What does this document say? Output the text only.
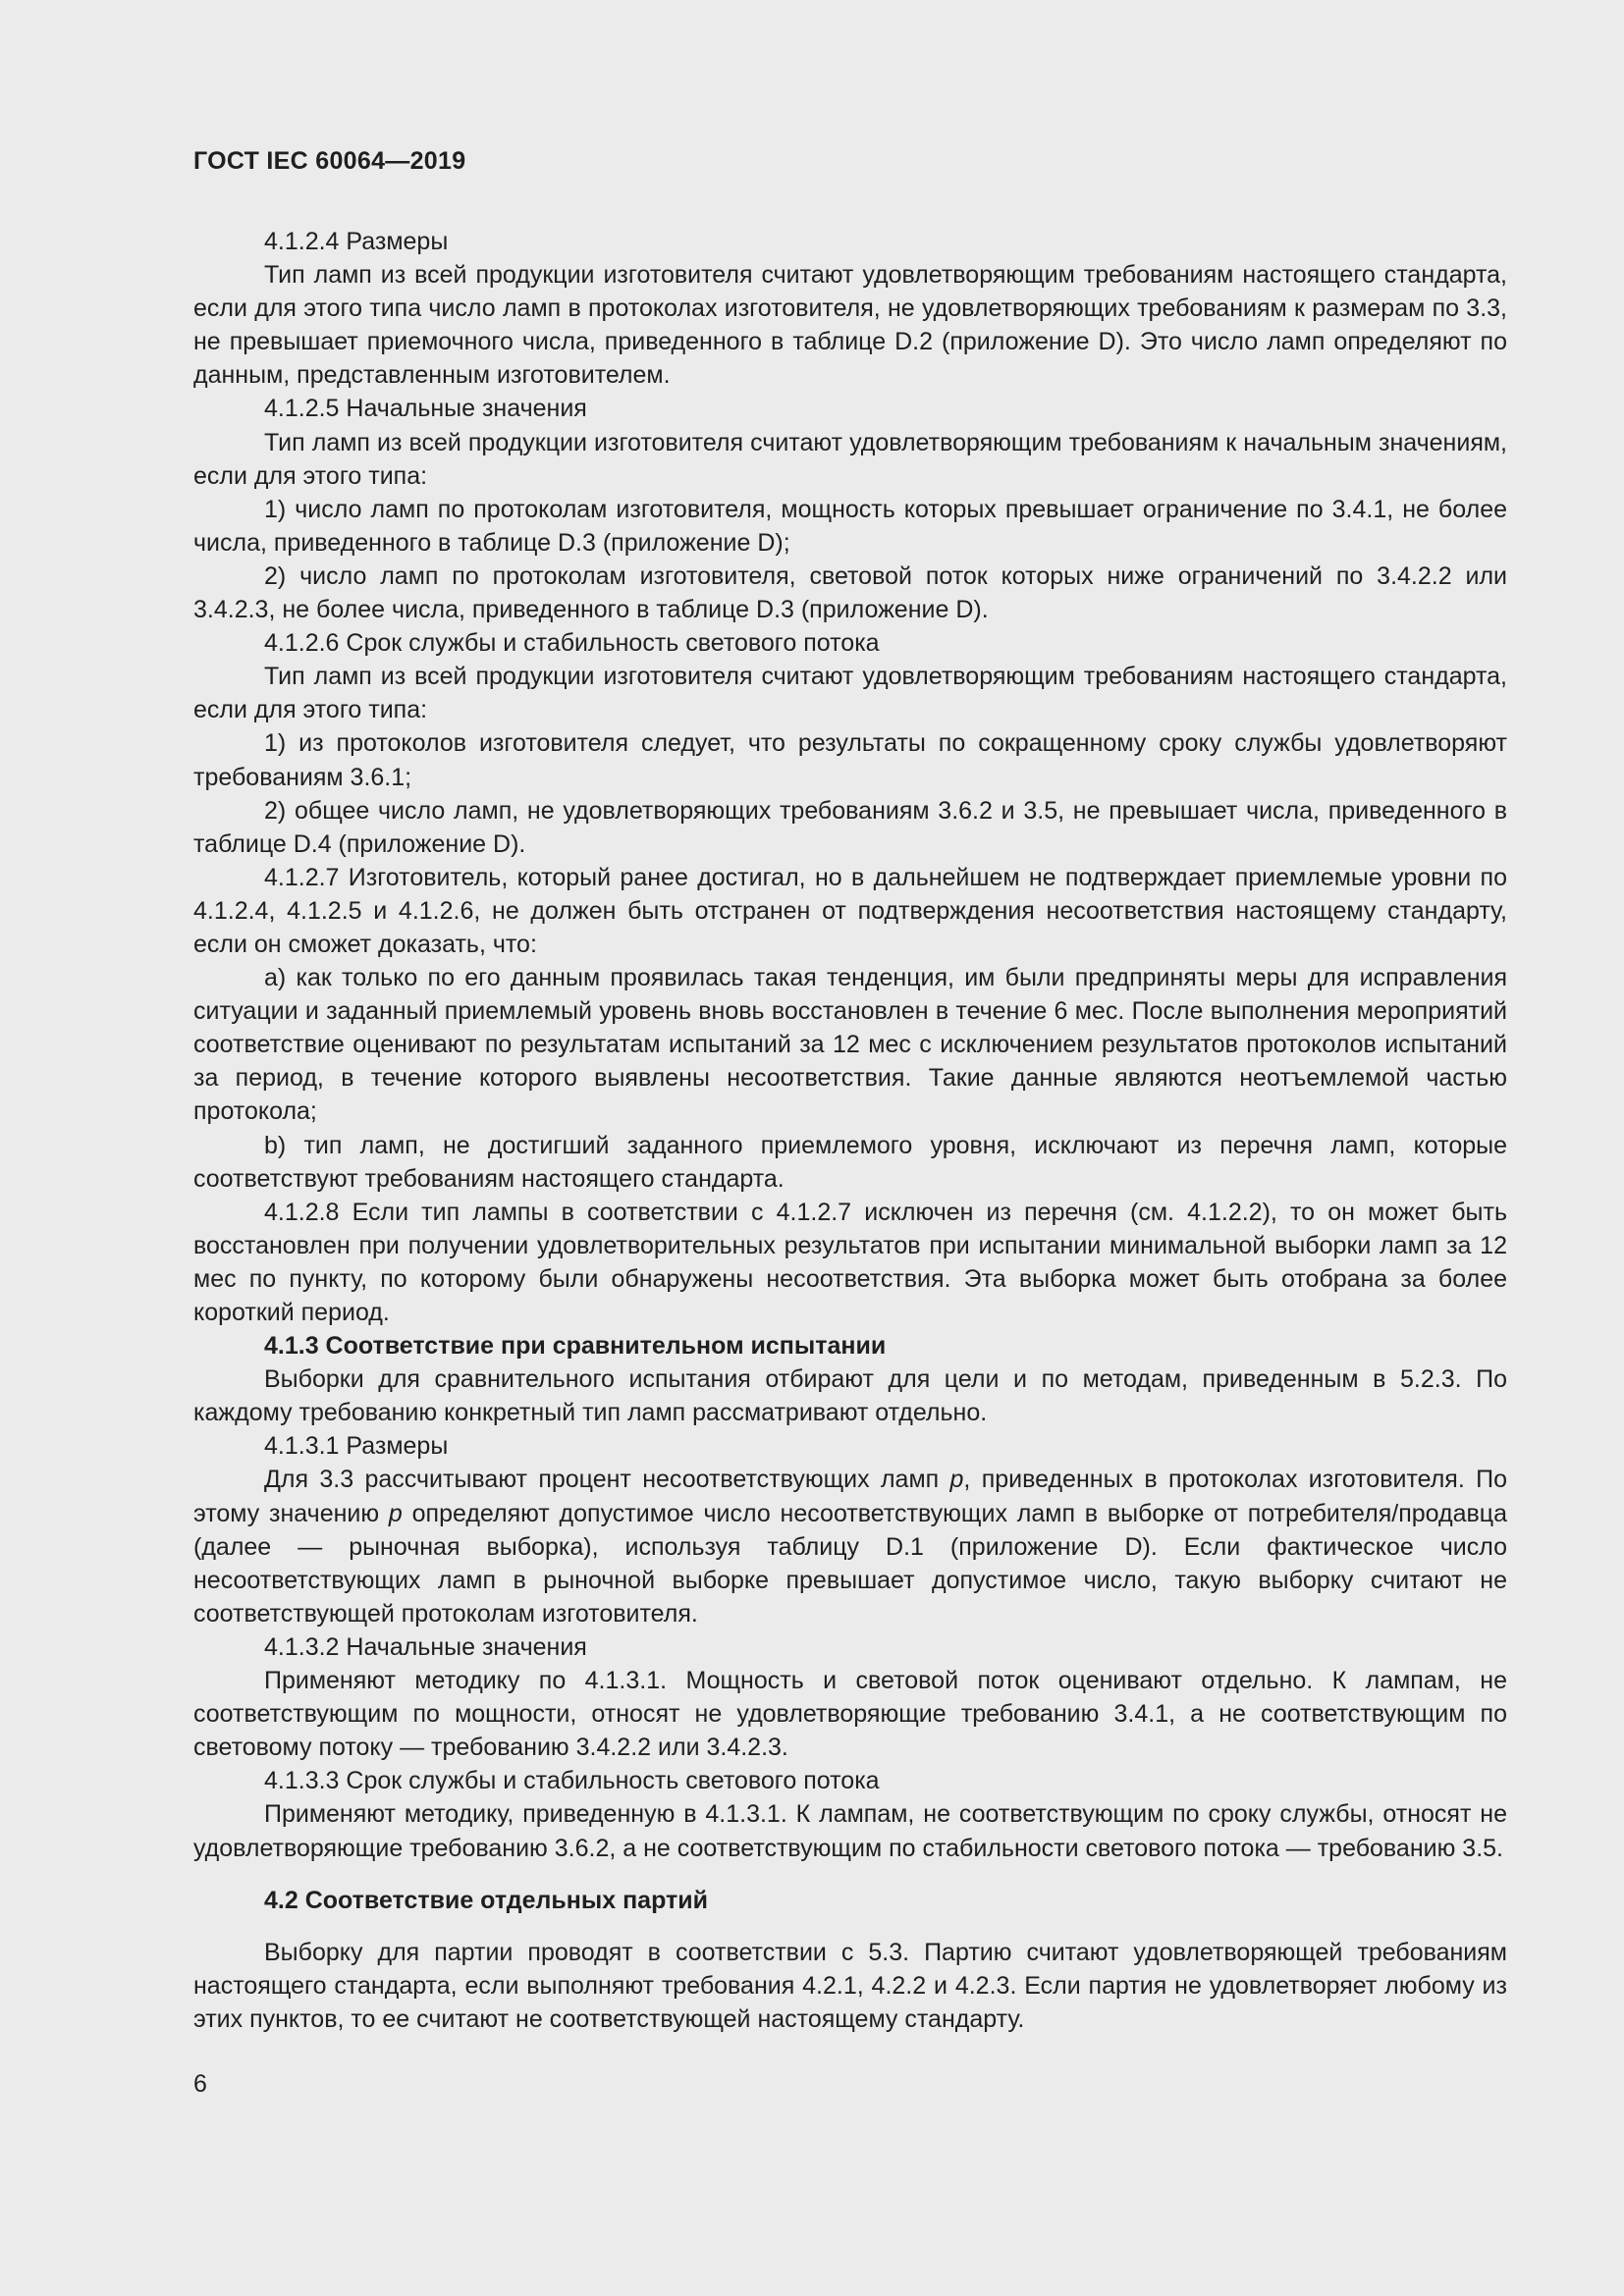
ГОСТ IEC 60064—2019

4.1.2.4 Размеры

Тип ламп из всей продукции изготовителя считают удовлетворяющим требованиям настоящего стандарта, если для этого типа число ламп в протоколах изготовителя, не удовлетворяющих требованиям к размерам по 3.3, не превышает приемочного числа, приведенного в таблице D.2 (приложение D). Это число ламп определяют по данным, представленным изготовителем.

4.1.2.5 Начальные значения

Тип ламп из всей продукции изготовителя считают удовлетворяющим требованиям к начальным значениям, если для этого типа:

1) число ламп по протоколам изготовителя, мощность которых превышает ограничение по 3.4.1, не более числа, приведенного в таблице D.3 (приложение D);

2) число ламп по протоколам изготовителя, световой поток которых ниже ограничений по 3.4.2.2 или 3.4.2.3, не более числа, приведенного в таблице D.3 (приложение D).

4.1.2.6 Срок службы и стабильность светового потока

Тип ламп из всей продукции изготовителя считают удовлетворяющим требованиям настоящего стандарта, если для этого типа:

1) из протоколов изготовителя следует, что результаты по сокращенному сроку службы удовлетворяют требованиям 3.6.1;

2) общее число ламп, не удовлетворяющих требованиям 3.6.2 и 3.5, не превышает числа, приведенного в таблице D.4 (приложение D).

4.1.2.7 Изготовитель, который ранее достигал, но в дальнейшем не подтверждает приемлемые уровни по 4.1.2.4, 4.1.2.5 и 4.1.2.6, не должен быть отстранен от подтверждения несоответствия настоящему стандарту, если он сможет доказать, что:

a) как только по его данным проявилась такая тенденция, им были предприняты меры для исправления ситуации и заданный приемлемый уровень вновь восстановлен в течение 6 мес. После выполнения мероприятий соответствие оценивают по результатам испытаний за 12 мес с исключением результатов протоколов испытаний за период, в течение которого выявлены несоответствия. Такие данные являются неотъемлемой частью протокола;

b) тип ламп, не достигший заданного приемлемого уровня, исключают из перечня ламп, которые соответствуют требованиям настоящего стандарта.

4.1.2.8 Если тип лампы в соответствии с 4.1.2.7 исключен из перечня (см. 4.1.2.2), то он может быть восстановлен при получении удовлетворительных результатов при испытании минимальной выборки ламп за 12 мес по пункту, по которому были обнаружены несоответствия. Эта выборка может быть отобрана за более короткий период.

4.1.3 Соответствие при сравнительном испытании

Выборки для сравнительного испытания отбирают для цели и по методам, приведенным в 5.2.3. По каждому требованию конкретный тип ламп рассматривают отдельно.

4.1.3.1 Размеры

Для 3.3 рассчитывают процент несоответствующих ламп p, приведенных в протоколах изготовителя. По этому значению p определяют допустимое число несоответствующих ламп в выборке от потребителя/продавца (далее — рыночная выборка), используя таблицу D.1 (приложение D). Если фактическое число несоответствующих ламп в рыночной выборке превышает допустимое число, такую выборку считают не соответствующей протоколам изготовителя.

4.1.3.2 Начальные значения

Применяют методику по 4.1.3.1. Мощность и световой поток оценивают отдельно. К лампам, не соответствующим по мощности, относят не удовлетворяющие требованию 3.4.1, а не соответствующим по световому потоку — требованию 3.4.2.2 или 3.4.2.3.

4.1.3.3 Срок службы и стабильность светового потока

Применяют методику, приведенную в 4.1.3.1. К лампам, не соответствующим по сроку службы, относят не удовлетворяющие требованию 3.6.2, а не соответствующим по стабильности светового потока — требованию 3.5.

4.2 Соответствие отдельных партий

Выборку для партии проводят в соответствии с 5.3. Партию считают удовлетворяющей требованиям настоящего стандарта, если выполняют требования 4.2.1, 4.2.2 и 4.2.3. Если партия не удовлетворяет любому из этих пунктов, то ее считают не соответствующей настоящему стандарту.

6
